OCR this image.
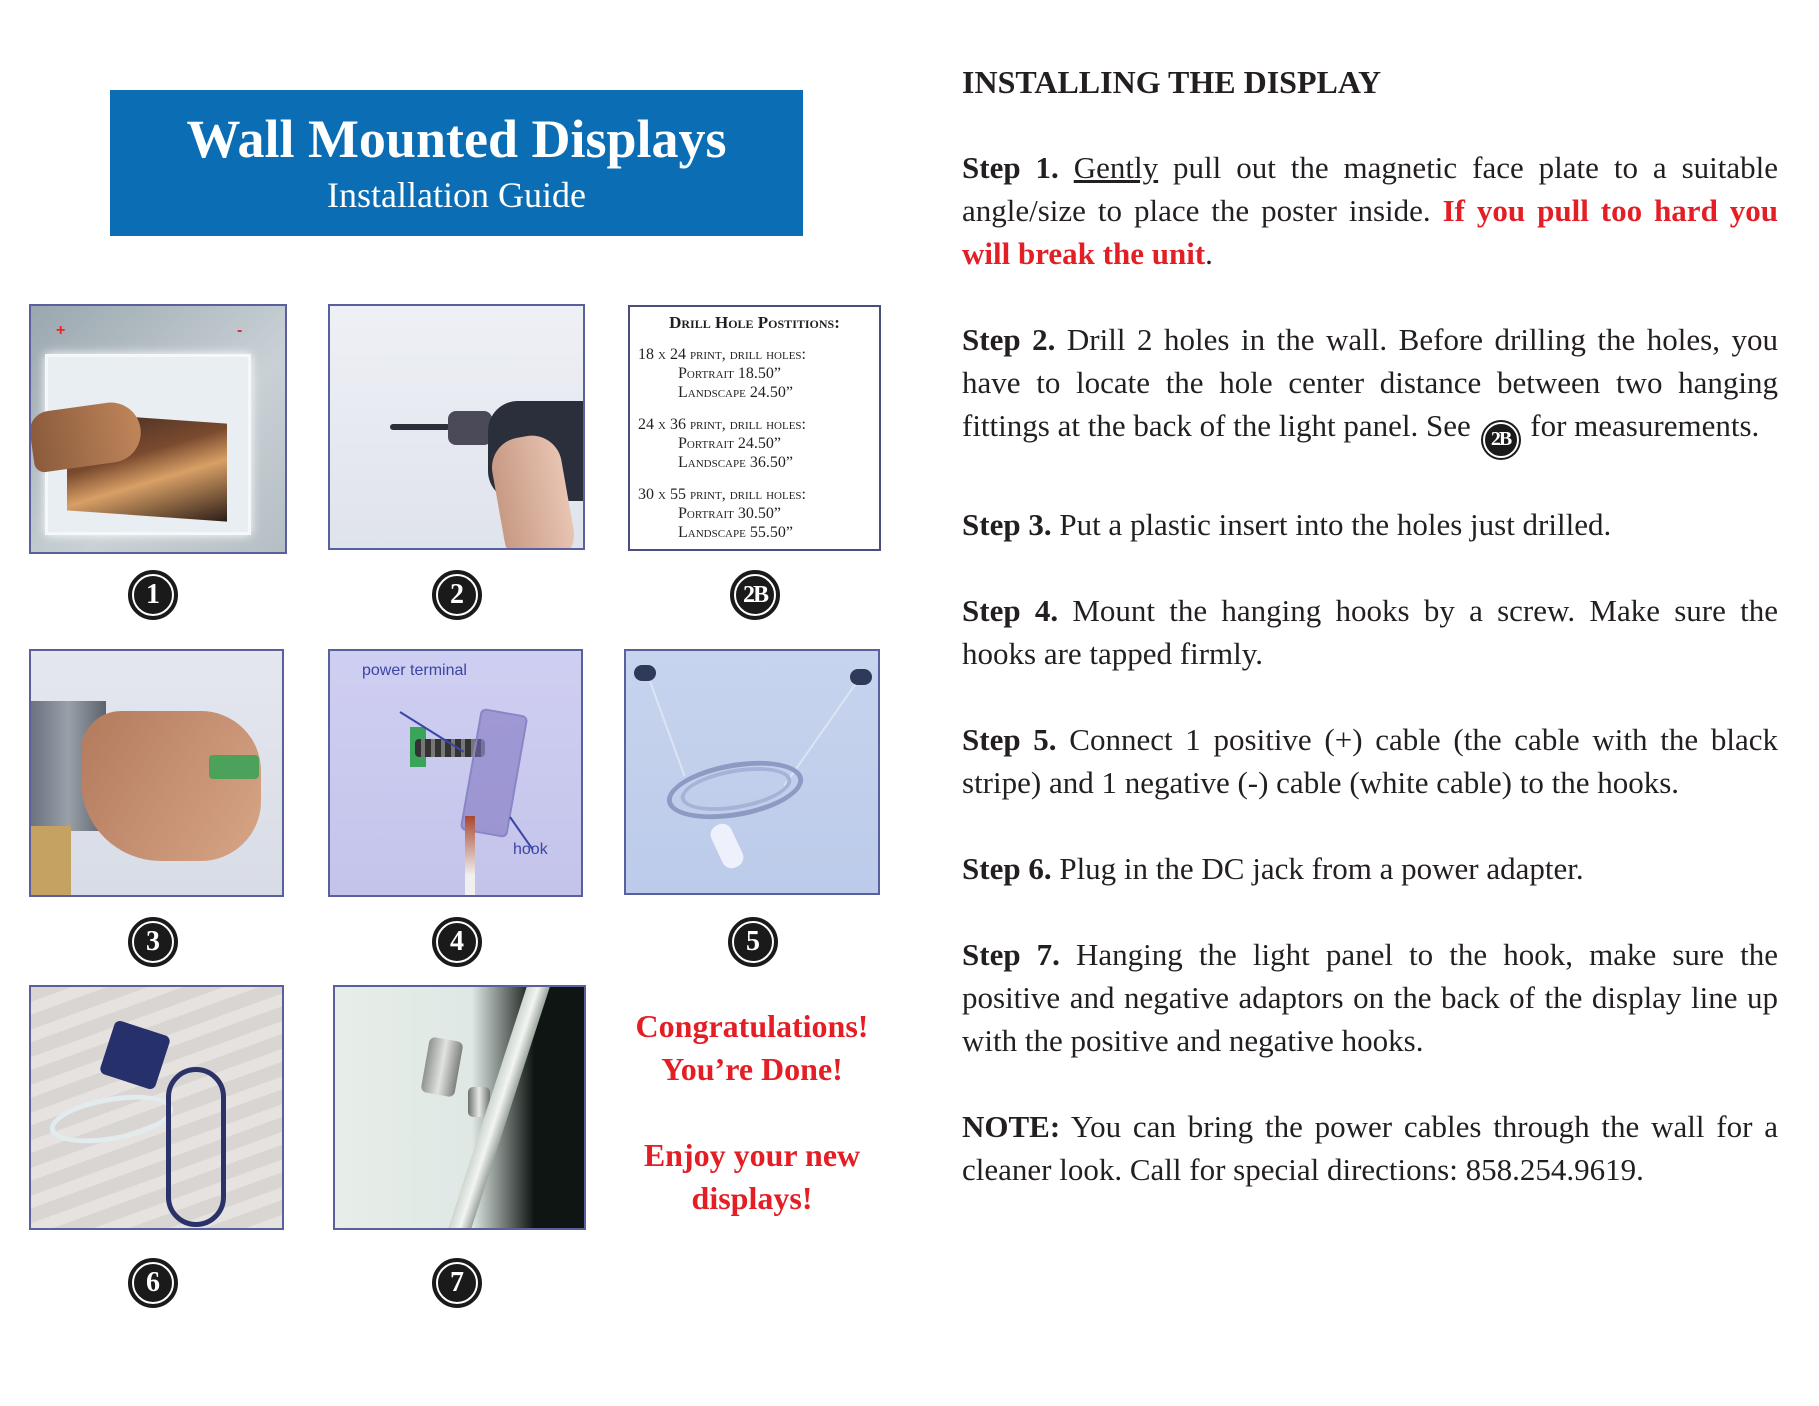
Wall Mounted Displays
Installation Guide
+	-
1	2
Drill Hole Postitions:
18 x 24 print, drill holes:
Portrait 18.50”
Landscape 24.50”
24 x 36 print, drill holes:
Portrait 24.50”
Landscape 36.50”
30 x 55 print, drill holes:
Portrait 30.50”
Landscape 55.50”
2B
3
power terminal
hook
4	5
6	7
Congratulations!
You’re Done!
Enjoy your new
displays!
INSTALLING THE DISPLAY
Step 1. Gently pull out the magnetic face plate to a suitable angle/size to place the poster inside. If you pull too hard you will break the unit.
Step 2. Drill 2 holes in the wall. Before drilling the holes, you have to locate the hole center distance between two hanging fittings at the back of the light panel. See 2B for measurements.
Step 3. Put a plastic insert into the holes just drilled.
Step 4. Mount the hanging hooks by a screw. Make sure the hooks are tapped firmly.
Step 5. Connect 1 positive (+) cable (the cable with the black stripe) and 1 negative (-) cable (white cable) to the hooks.
Step 6. Plug in the DC jack from a power adapter.
Step 7. Hanging the light panel to the hook, make sure the positive and negative adaptors on the back of the display line up with the positive and negative hooks.
NOTE: You can bring the power cables through the wall for a cleaner look. Call for special directions: 858.254.9619.
